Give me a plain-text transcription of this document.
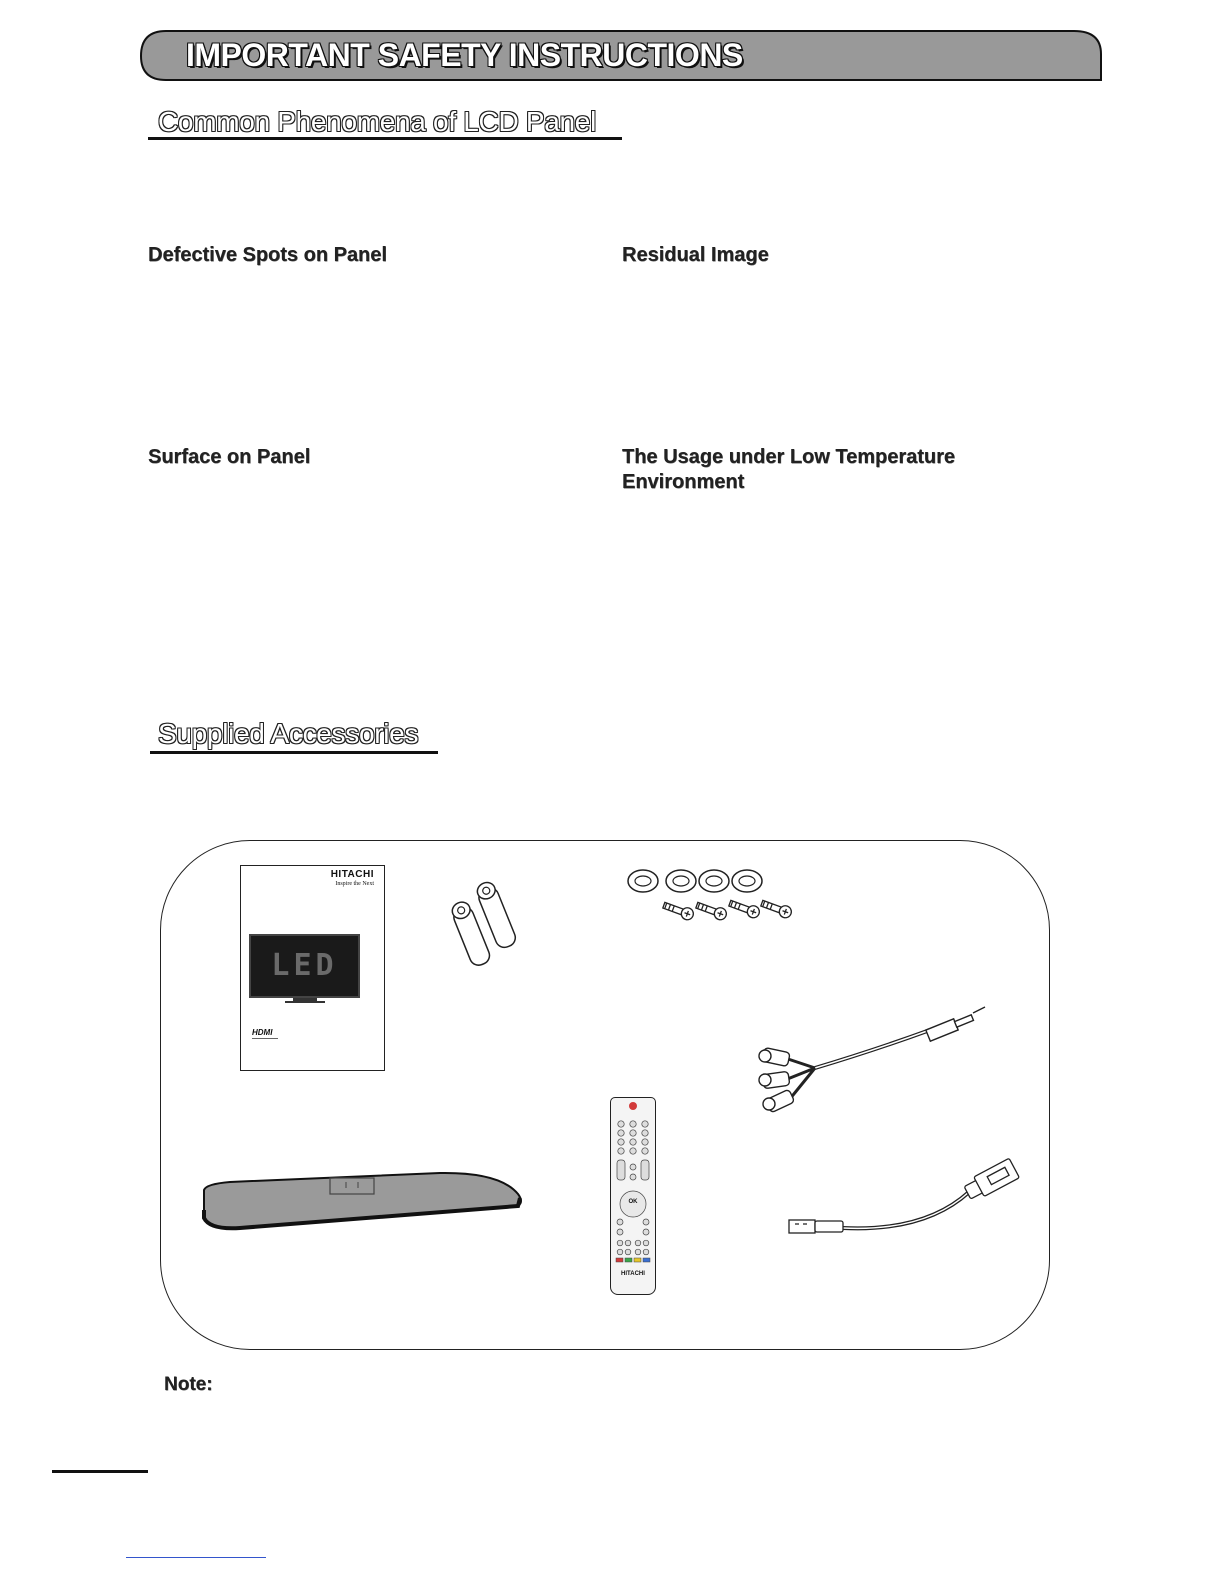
IMPORTANT SAFETY INSTRUCTIONS
Common Phenomena of LCD Panel
Defective Spots on Panel	Residual Image
Surface on Panel	The Usage under Low Temperature Environment
Supplied Accessories
HITACHI
Inspire the Next
LED
HDMI
OK
HITACHI
Note:
